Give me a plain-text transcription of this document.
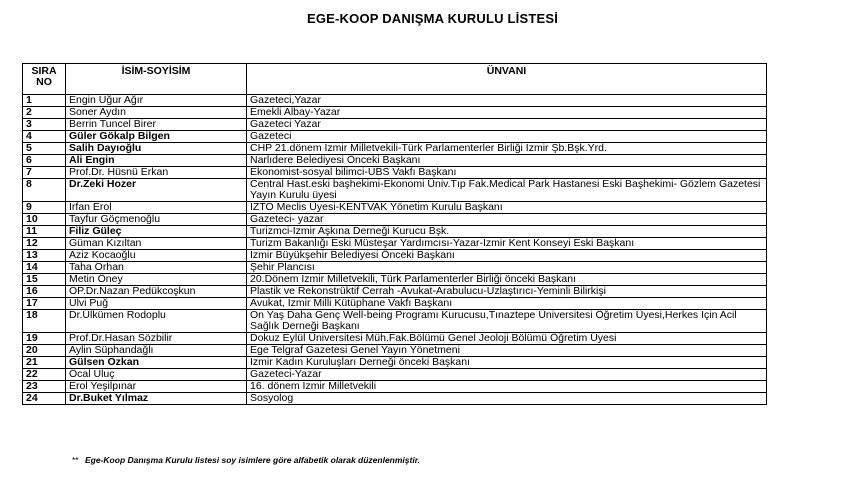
EGE-KOOP DANIŞMA KURULU LİSTESİ
SIRA NO	İSİM-SOYİSİM	ÜNVANI
1	Engin Uğur Ağır	Gazeteci,Yazar
2	Soner Aydın	Emekli Albay-Yazar
3	Berrin Tuncel Birer	Gazeteci Yazar
4	Güler Gökalp Bilgen	Gazeteci
5	Salih Dayıoğlu	CHP 21.dönem İzmir Milletvekili-Türk Parlamenterler Birliği İzmir Şb.Bşk.Yrd.
6	Ali Engin	Narlıdere Belediyesi Önceki Başkanı
7	Prof.Dr. Hüsnü Erkan	Ekonomist-sosyal bilimci-UBS Vakfı Başkanı
8	Dr.Zeki Hozer	Central Hast.eski başhekimi-Ekonomi Üniv.Tıp Fak.Medical Park Hastanesi Eski Başhekimi- Gözlem Gazetesi Yayın Kurulu üyesi
9	İrfan Erol	İZTO Meclis Üyesi-KENTVAK Yönetim Kurulu Başkanı
10	Tayfur Göçmenoğlu	Gazeteci- yazar
11	Filiz Güleç	Turizmci-İzmir Aşkına Derneği Kurucu Bşk.
12	Güman Kızıltan	Turizm Bakanlığı Eski Müsteşar Yardımcısı-Yazar-İzmir Kent Konseyi Eski Başkanı
13	Aziz Kocaoğlu	İzmir Büyükşehir Belediyesi Önceki Başkanı
14	Taha Orhan	Şehir Plancısı
15	Metin Öney	20.Dönem İzmir Milletvekili, Türk Parlamenterler Birliği önceki Başkanı
16	OP.Dr.Nazan Pedükcoşkun	Plastik ve Rekonstrüktif Cerrah -Avukat-Arabulucu-Uzlaştırıcı-Yeminli Bilirkişi
17	Ulvi Puğ	Avukat, İzmir Milli Kütüphane Vakfı Başkanı
18	Dr.Ülkümen Rodoplu	On Yaş Daha Genç Well-being Programı Kurucusu,Tınaztepe Üniversitesi Öğretim Üyesi,Herkes İçin Acil Sağlık Derneği Başkanı
19	Prof.Dr.Hasan Sözbilir	Dokuz Eylül Üniversitesi Müh.Fak.Bölümü Genel Jeoloji Bölümü Öğretim Üyesi
20	Aylin Süphandağlı	Ege Telgraf Gazetesi Genel Yayın Yönetmeni
21	Gülsen Özkan	İzmir Kadın Kuruluşları Derneği önceki Başkanı
22	Öcal Uluç	Gazeteci-Yazar
23	Erol Yeşilpınar	16. dönem İzmir Milletvekili
24	Dr.Buket Yılmaz	Sosyolog
** Ege-Koop Danışma Kurulu listesi soy isimlere göre alfabetik olarak düzenlenmiştir.
